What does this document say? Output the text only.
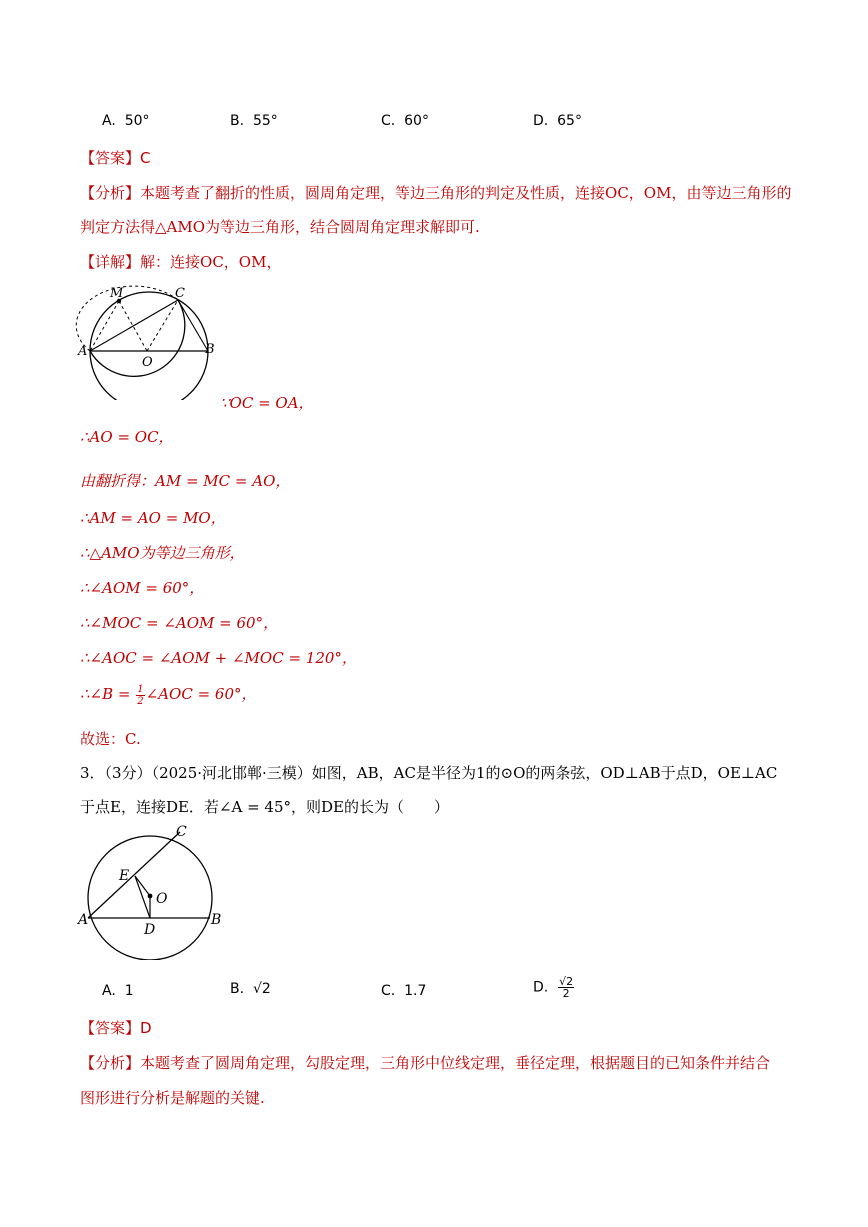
A. 50°	B. 55°	C. 60°	D. 65°
【答案】C
【分析】本题考查了翻折的性质，圆周角定理，等边三角形的判定及性质，连接OC，OM，由等边三角形的
判定方法得△AMO为等边三角形，结合圆周角定理求解即可.
【详解】解：连接OC，OM，
M	C
A
O
B
∵OC = OA，
∴AO = OC，
由翻折得：AM = MC = AO，
∴AM = AO = MO，
∴△AMO为等边三角形，
∴∠AOM = 60°，
∴∠MOC = ∠AOM = 60°，
∴∠AOC = ∠AOM + ∠MOC = 120°，
∴∠B = $\frac{1}{2}$ ∠AOC = 60°，
故选：C.
3．（3分）（2025·河北邯郸·三模）如图，AB，AC是半径为1的⊙O的两条弦，OD⊥AB于点D，OE⊥AC
于点E，连接DE．若∠A = 45°，则DE的长为（　　）
C
E
O
A
D
B
A. 1	B. √2	C. 1.7	D. $\frac{√2}{2}$
【答案】D
【分析】本题考查了圆周角定理，勾股定理，三角形中位线定理，垂径定理，根据题目的已知条件并结合
图形进行分析是解题的关键.
